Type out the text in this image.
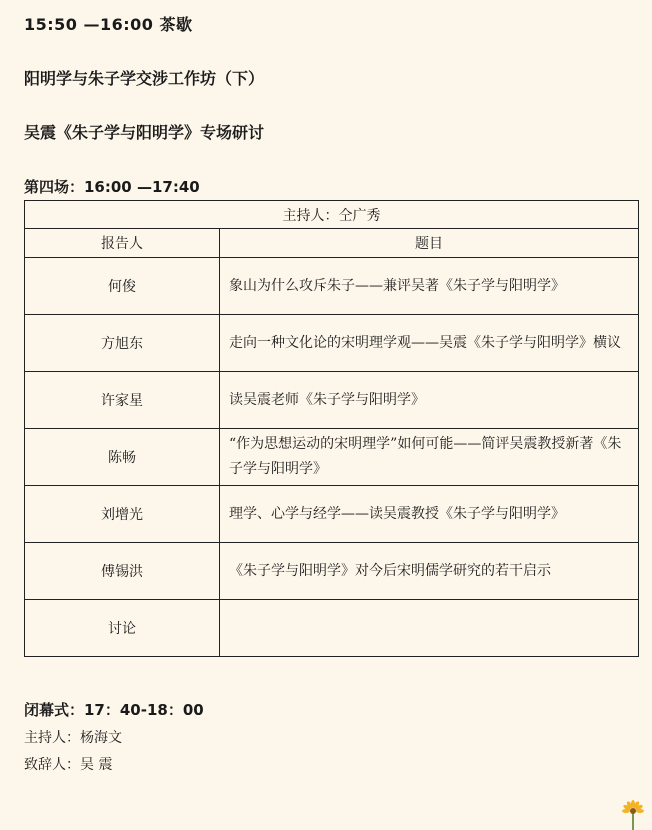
15:50 —16:00 茶歇
阳明学与朱子学交涉工作坊（下）
吴震《朱子学与阳明学》专场研讨
第四场：16:00 —17:40
主持人：仝广秀	
报告人	题目
何俊	象山为什么攻斥朱子——兼评吴著《朱子学与阳明学》
方旭东	走向一种文化论的宋明理学观——吴震《朱子学与阳明学》横议
许家星	读吴震老师《朱子学与阳明学》
陈畅	“作为思想运动的宋明理学”如何可能——简评吴震教授新著《朱子学与阳明学》
刘增光	理学、心学与经学——读吴震教授《朱子学与阳明学》
傅锡洪	《朱子学与阳明学》对今后宋明儒学研究的若干启示
讨论	
闭幕式：17：40-18：00
主持人：杨海文
致辞人：吴 震
